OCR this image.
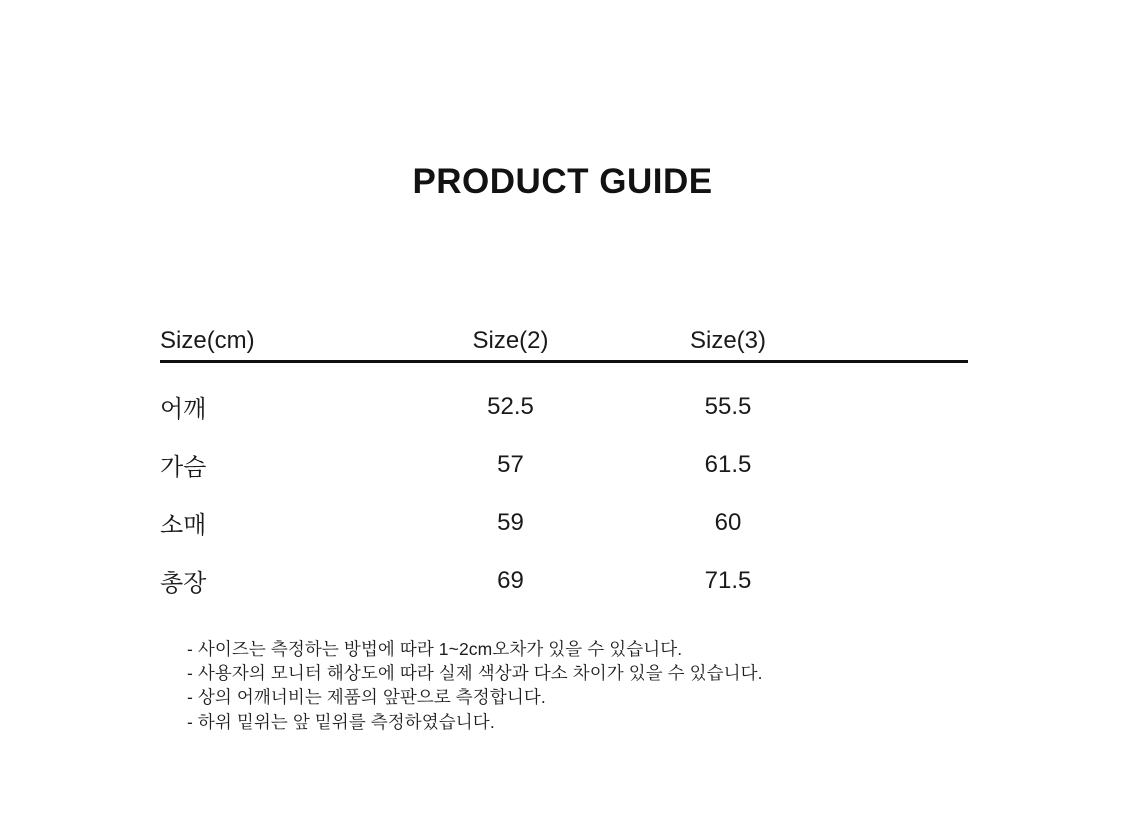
PRODUCT GUIDE
Size(cm)	Size(2)	Size(3)	
어깨	52.5	55.5	
가슴	57	61.5	
소매	59	60	
총장	69	71.5	
- 사이즈는 측정하는 방법에 따라 1~2cm오차가 있을 수 있습니다.
- 사용자의 모니터 해상도에 따라 실제 색상과 다소 차이가 있을 수 있습니다.
- 상의 어깨너비는 제품의 앞판으로 측정합니다.
- 하위 밑위는 앞 밑위를 측정하였습니다.
